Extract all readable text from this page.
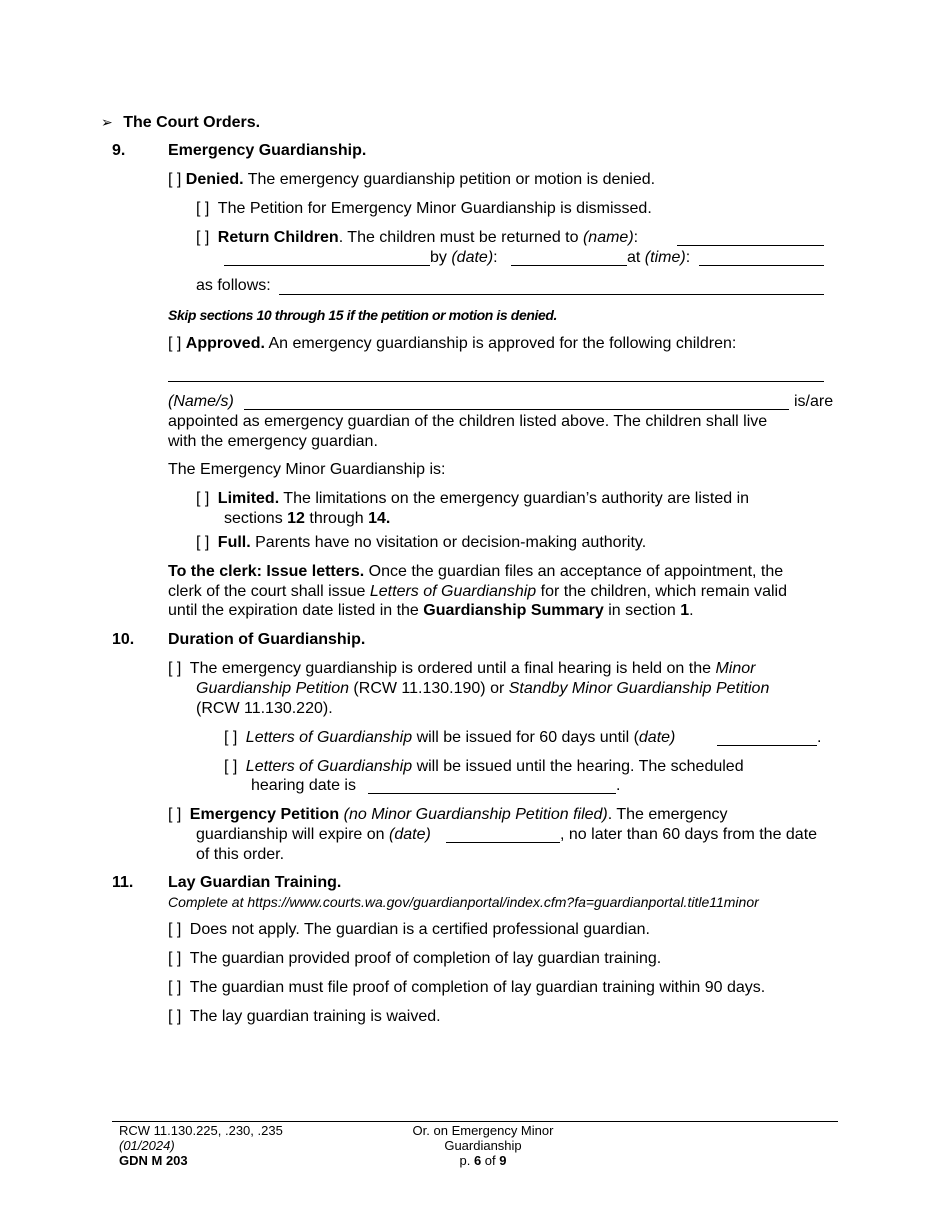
➢ The Court Orders.
9.	Emergency Guardianship.
[ ] Denied. The emergency guardianship petition or motion is denied.
[ ] The Petition for Emergency Minor Guardianship is dismissed.
[ ] Return Children. The children must be returned to (name):
by (date):	at (time):
as follows:
Skip sections 10 through 15 if the petition or motion is denied.
[ ] Approved. An emergency guardianship is approved for the following children:
(Name/s)	is/are
appointed as emergency guardian of the children listed above. The children shall live
with the emergency guardian.
The Emergency Minor Guardianship is:
[ ] Limited. The limitations on the emergency guardian’s authority are listed in
sections 12 through 14.
[ ] Full. Parents have no visitation or decision-making authority.
To the clerk: Issue letters. Once the guardian files an acceptance of appointment, the
clerk of the court shall issue Letters of Guardianship for the children, which remain valid
until the expiration date listed in the Guardianship Summary in section 1.
10. Duration of Guardianship.
[ ] The emergency guardianship is ordered until a final hearing is held on the Minor
Guardianship Petition (RCW 11.130.190) or Standby Minor Guardianship Petition
(RCW 11.130.220).
[ ] Letters of Guardianship will be issued for 60 days until (date)	.
[ ] Letters of Guardianship will be issued until the hearing. The scheduled
hearing date is	.
[ ] Emergency Petition (no Minor Guardianship Petition filed). The emergency
guardianship will expire on (date)	, no later than 60 days from the date
of this order.
11. Lay Guardian Training.
Complete at https://www.courts.wa.gov/guardianportal/index.cfm?fa=guardianportal.title11minor
[ ] Does not apply. The guardian is a certified professional guardian.
[ ] The guardian provided proof of completion of lay guardian training.
[ ] The guardian must file proof of completion of lay guardian training within 90 days.
[ ] The lay guardian training is waived.
RCW 11.130.225, .230, .235
(01/2024)
GDN M 203
Or. on Emergency Minor
Guardianship
p. 6 of 9
